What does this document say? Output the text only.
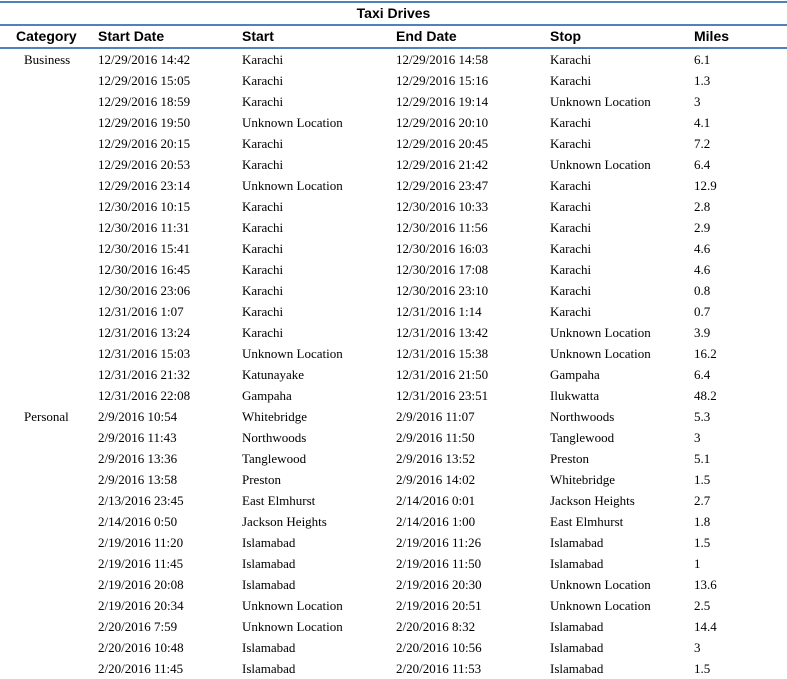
Taxi Drives
Category Start Date	Start	End Date	Stop	Miles
Business 12/29/2016 14:42	Karachi	12/29/2016 14:58	Karachi	6.1
12/29/2016 15:05	Karachi	12/29/2016 15:16	Karachi	1.3
12/29/2016 18:59	Karachi	12/29/2016 19:14	Unknown Location	3
12/29/2016 19:50	Unknown Location	12/29/2016 20:10	Karachi	4.1
12/29/2016 20:15	Karachi	12/29/2016 20:45	Karachi	7.2
12/29/2016 20:53	Karachi	12/29/2016 21:42	Unknown Location	6.4
12/29/2016 23:14	Unknown Location	12/29/2016 23:47	Karachi	12.9
12/30/2016 10:15	Karachi	12/30/2016 10:33	Karachi	2.8
12/30/2016 11:31	Karachi	12/30/2016 11:56	Karachi	2.9
12/30/2016 15:41	Karachi	12/30/2016 16:03	Karachi	4.6
12/30/2016 16:45	Karachi	12/30/2016 17:08	Karachi	4.6
12/30/2016 23:06	Karachi	12/30/2016 23:10	Karachi	0.8
12/31/2016 1:07	Karachi	12/31/2016 1:14	Karachi	0.7
12/31/2016 13:24	Karachi	12/31/2016 13:42	Unknown Location	3.9
12/31/2016 15:03	Unknown Location	12/31/2016 15:38	Unknown Location	16.2
12/31/2016 21:32	Katunayake	12/31/2016 21:50	Gampaha	6.4
12/31/2016 22:08	Gampaha	12/31/2016 23:51	Ilukwatta	48.2
Personal 2/9/2016 10:54	Whitebridge	2/9/2016 11:07	Northwoods	5.3
2/9/2016 11:43	Northwoods	2/9/2016 11:50	Tanglewood	3
2/9/2016 13:36	Tanglewood	2/9/2016 13:52	Preston	5.1
2/9/2016 13:58	Preston	2/9/2016 14:02	Whitebridge	1.5
2/13/2016 23:45	East Elmhurst	2/14/2016 0:01	Jackson Heights	2.7
2/14/2016 0:50	Jackson Heights	2/14/2016 1:00	East Elmhurst	1.8
2/19/2016 11:20	Islamabad	2/19/2016 11:26	Islamabad	1.5
2/19/2016 11:45	Islamabad	2/19/2016 11:50	Islamabad	1
2/19/2016 20:08	Islamabad	2/19/2016 20:30	Unknown Location	13.6
2/19/2016 20:34	Unknown Location	2/19/2016 20:51	Unknown Location	2.5
2/20/2016 7:59	Unknown Location	2/20/2016 8:32	Islamabad	14.4
2/20/2016 10:48	Islamabad	2/20/2016 10:56	Islamabad	3
2/20/2016 11:45	Islamabad	2/20/2016 11:53	Islamabad	1.5
